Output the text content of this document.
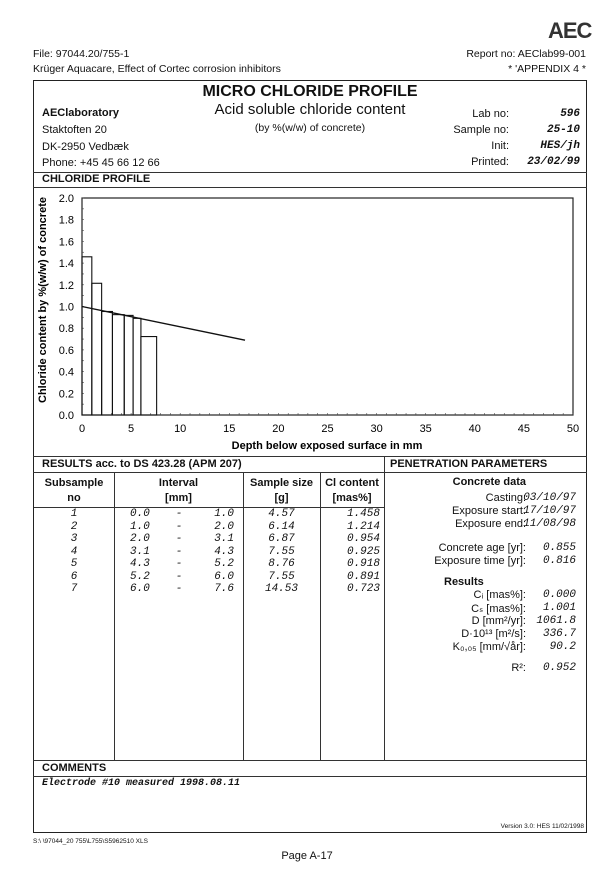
AEC
File: 97044.20/755-1
Krüger Aquacare, Effect of Cortec corrosion inhibitors
Report no: AEClab99-001
* 'APPENDIX 4 *
MICRO CHLORIDE PROFILE
Acid soluble chloride content
(by %(w/w) of concrete)
AEClaboratory
Staktoften 20
DK-2950 Vedbæk
Phone: +45 45 66 12 66
Lab no:	596
Sample no:	25-10
Init:	HES/jh
Printed:	23/02/99
CHLORIDE PROFILE
0	5	10	15	20	25	30	35	40	45	50
0.0
0.2
0.4
0.6
0.8
1.0
1.2
1.4
1.6
1.8
2.0
Chloride content by %(w/w) of concrete
Depth below exposed surface in mm
RESULTS acc. to DS 423.28 (APM 207)	PENETRATION PARAMETERS
Subsample
no
Interval
[mm]
Sample size
[g]
Cl content
[mas%]
1	0.0	-	1.0	4.57	1.458
2	1.0	-	2.0	6.14	1.214
3	2.0	-	3.1	6.87	0.954
4	3.1	-	4.3	7.55	0.925
5	4.3	-	5.2	8.76	0.918
6	5.2	-	6.0	7.55	0.891
7	6.0	-	7.6	14.53	0.723
Concrete data
Casting:
03/10/97
Exposure start:
17/10/97
Exposure end:
11/08/98
Concrete age [yr]:	0.855
Exposure time [yr]:	0.816
Results
Cᵢ [mas%]:	0.000
Cₛ [mas%]:	1.001
D [mm²/yr]: 1061.8
D·10¹³ [m²/s]:	336.7
K₀,₀₅ [mm/√år]:	90.2
R²:	0.952
COMMENTS
Electrode #10 measured 1998.08.11
Version 3.0: HES 11/02/1998
S:\ \97044_20 755\L755\S5962510 XLS
Page A-17
